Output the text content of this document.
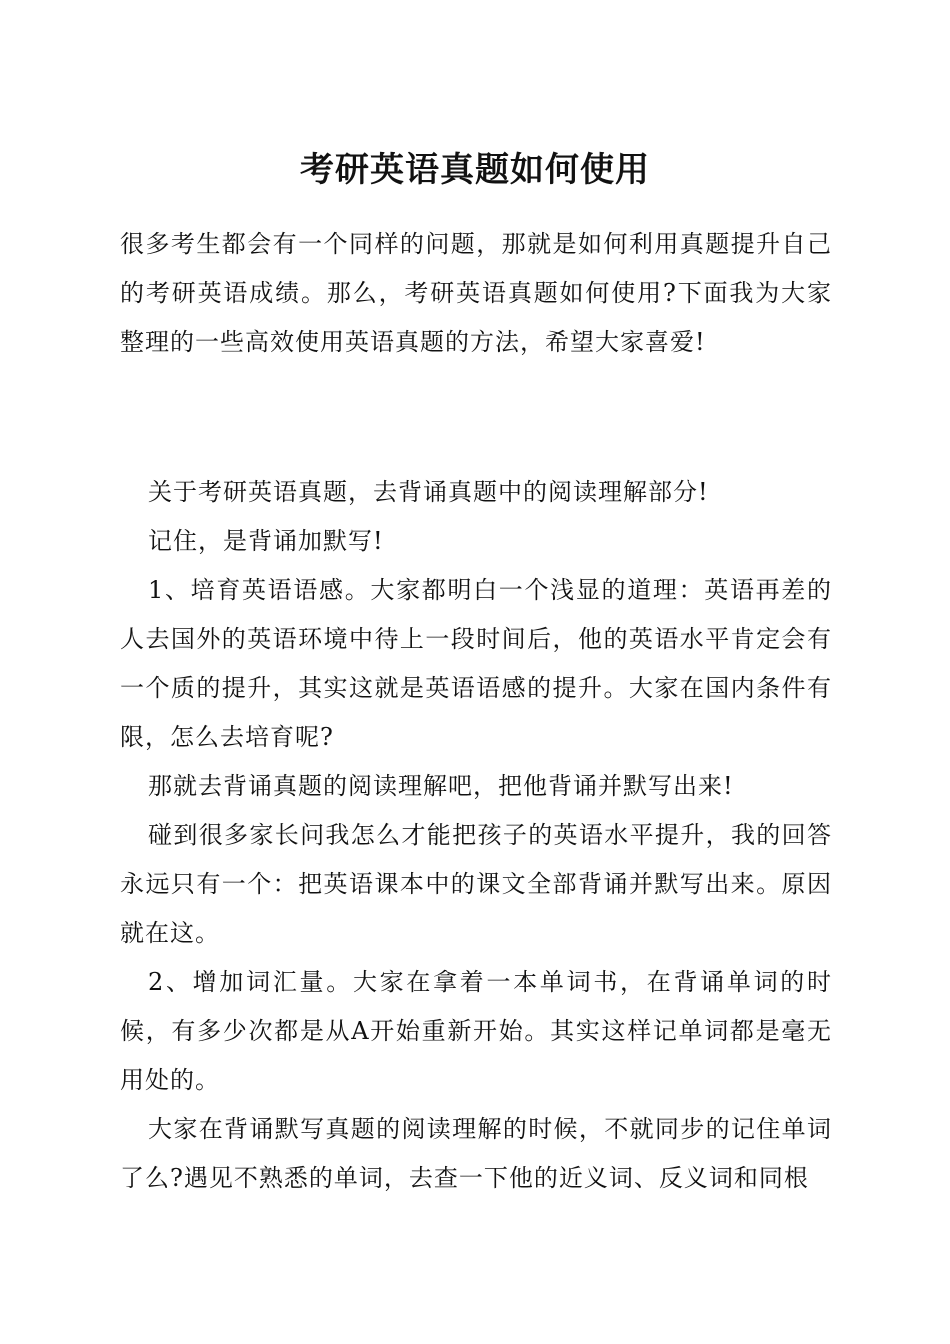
考研英语真题如何使用

很多考生都会有一个同样的问题，那就是如何利用真题提升自己的考研英语成绩。那么，考研英语真题如何使用?下面我为大家整理的一些高效使用英语真题的方法，希望大家喜爱!

关于考研英语真题，去背诵真题中的阅读理解部分!

记住，是背诵加默写!

1、培育英语语感。大家都明白一个浅显的道理：英语再差的人去国外的英语环境中待上一段时间后，他的英语水平肯定会有一个质的提升，其实这就是英语语感的提升。大家在国内条件有限，怎么去培育呢?

那就去背诵真题的阅读理解吧，把他背诵并默写出来!

碰到很多家长问我怎么才能把孩子的英语水平提升，我的回答永远只有一个：把英语课本中的课文全部背诵并默写出来。原因就在这。

2、增加词汇量。大家在拿着一本单词书，在背诵单词的时候，有多少次都是从A开始重新开始。其实这样记单词都是毫无用处的。

大家在背诵默写真题的阅读理解的时候，不就同步的记住单词了么?遇见不熟悉的单词，去查一下他的近义词、反义词和同根
